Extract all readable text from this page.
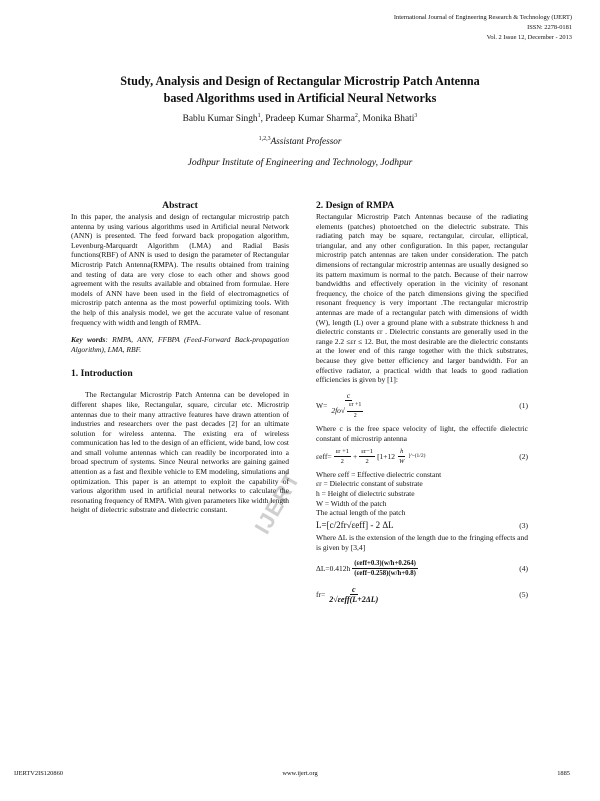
International Journal of Engineering Research & Technology (IJERT)
ISSN: 2278-0181
Vol. 2 Issue 12, December - 2013
Study, Analysis and Design of Rectangular Microstrip Patch Antenna
based Algorithms used in Artificial Neural Networks
Bablu Kumar Singh$^1$, Pradeep Kumar Sharma$^2$, Monika Bhati$^3$
$^{1,2,3}$Assistant Professor
Jodhpur Institute of Engineering and Technology, Jodhpur
IJERT
Abstract

In this paper, the analysis and design of rectangular microstrip patch antenna by using various algorithms used in Artificial neural Network (ANN) is presented. The feed forward back propogation algorithm, Levenburg-Marquardt Algorithm (LMA) and Radial Basis functions(RBF) of ANN is used to design the parameter of Rectangular Microstrip Patch Antenna(RMPA). The results obtained from training and testing of data are very close to each other and shows good agreement with the results available and obtained from formulae. Here models of ANN have been used in the field of electromagnetics of microstrip patch antenna as the most powerful optimizing tools. With the help of this analysis model, we get the accurate value of resonant frequency with width and length of RMPA.

Key words: RMPA, ANN, FFBPA (Feed-Forward Back-propagation Algorithm), LMA, RBF.

1. Introduction

The Rectangular Microstrip Patch Antenna can be developed in different shapes like, Rectangular, square, circular etc. Microstrip antennas due to their many attractive features have drawn attention of industries and researchers over the past decades [2] for an ultimate solution for wireless antenna. The existing era of wireless communication has led to the design of an efficient, wide band, low cost and small volume antennas which can readily be incorporated into a broad spectrum of systems. Since Neural networks are gaining gained attention as a fast and flexible vehicle to EM modeling, simulations and optimization. This paper is an attempt to exploit the capability of various algorithm used in artificial neural networks to calculate the resonating frequency of RMPA. With given parameters like width length height of dielectric substrate and dielectric constant.

2. Design of RMPA

Rectangular Microstrip Patch Antennas because of the radiating elements (patches) photoetched on the dielectric substrate. This radiating patch may be square, rectangular, circular, elliptical, triangular, and any other configuration. In this paper, rectangular microstrip patch antennas are taken under consideration. The patch dimensions of rectangular microstrip antennas are usually designed so its pattern maximum is normal to the patch. Because of their narrow bandwidths and effectively operation in the vicinity of resonant frequency, the choice of the patch dimensions giving the specified resonant frequency is very important .The rectangular microstrip antennas are made of a rectangular patch with dimensions of width (W), length (L) over a ground plane with a substrate thickness h and dielectric constants εr . Dielectric constants are generally used in the range 2.2 ≤εr ≤ 12. But, the most desirable are the dielectric constants at the lower end of this range together with the thick substrates, because they give better efficiency and larger bandwidth. For an effective radiator, a practical width that leads to good radiation efficiencies is given by [1]:

$W= \frac{c}{2fo√ \frac{\varepsilon r +1}{2}}$	(1)

Where c is the free space velocity of light, the effectife dielectric constant of microstrip antenna

$\varepsilon eff= \frac{\varepsilon r +1}{2} + \frac{\varepsilon r-1}{2} [1+12 \frac{h}{W}$ ]^-(1/2)	(2)
Where εeff = Effective dielectric constant
εr = Dielectric constant of substrate
h = Height of dielectric substrate
W = Width of the patch
The actual length of the patch
L=[c/2fr√εeff] - 2 ΔL	(3)

Where ΔL is the extension of the length due to the fringing effects and is given by [3,4]

$\Delta L=0.412h \frac{\text{(εeff+0.3)(w/h+0.264)}}{\text{(εeff−0.258)(w/h+0.8)}}$	(4)
$fr= \frac{c}{\text{2√εeff(L+2ΔL)}}$	(5)
IJERTV2IS120860	www.ijert.org	1885
